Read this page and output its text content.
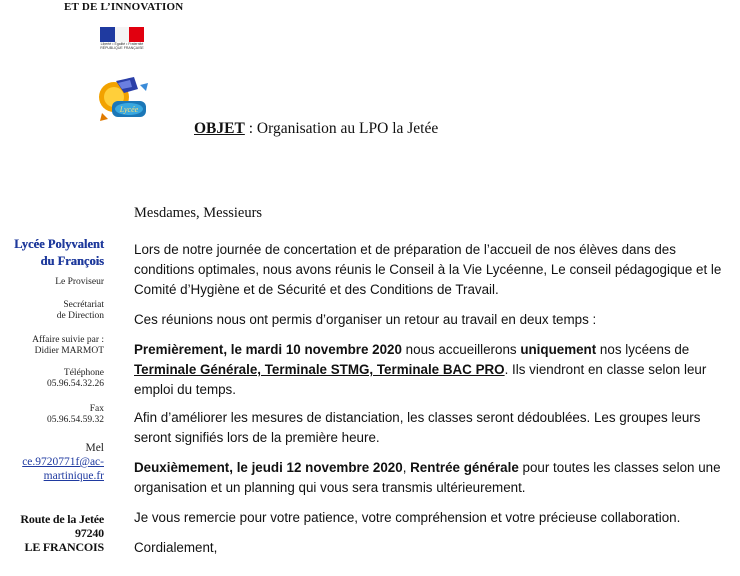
ET DE L’INNOVATION
Liberté • Égalité • Fraternité
RÉPUBLIQUE FRANÇAISE
Lycée
OBJET : Organisation au LPO la Jetée
Lycée Polyvalent
du François
Le Proviseur
Secrétariat
de Direction
Affaire suivie par :
Didier MARMOT
Téléphone
05.96.54.32.26
Fax
05.96.54.59.32
Mel
ce.9720771f@ac-
martinique.fr
Route de la Jetée
97240
LE FRANCOIS
Mesdames, Messieurs
Lors de notre journée de concertation et de préparation de l’accueil de nos élèves dans des conditions optimales, nous avons réunis le Conseil à la Vie Lycéenne, Le conseil pédagogique et le Comité d’Hygiène et de Sécurité et des Conditions de Travail.
Ces réunions nous ont permis d’organiser un retour au travail en deux temps :
Premièrement, le mardi 10 novembre 2020 nous accueillerons uniquement nos lycéens de Terminale Générale, Terminale STMG, Terminale BAC PRO. Ils viendront en classe selon leur emploi du temps.
Afin d’améliorer les mesures de distanciation, les classes seront dédoublées. Les groupes leurs seront signifiés lors de la première heure.
Deuxièmement, le jeudi 12 novembre 2020, Rentrée générale pour toutes les classes selon une organisation et un planning qui vous sera transmis ultérieurement.
Je vous remercie pour votre patience, votre compréhension et votre précieuse collaboration.
Cordialement,
